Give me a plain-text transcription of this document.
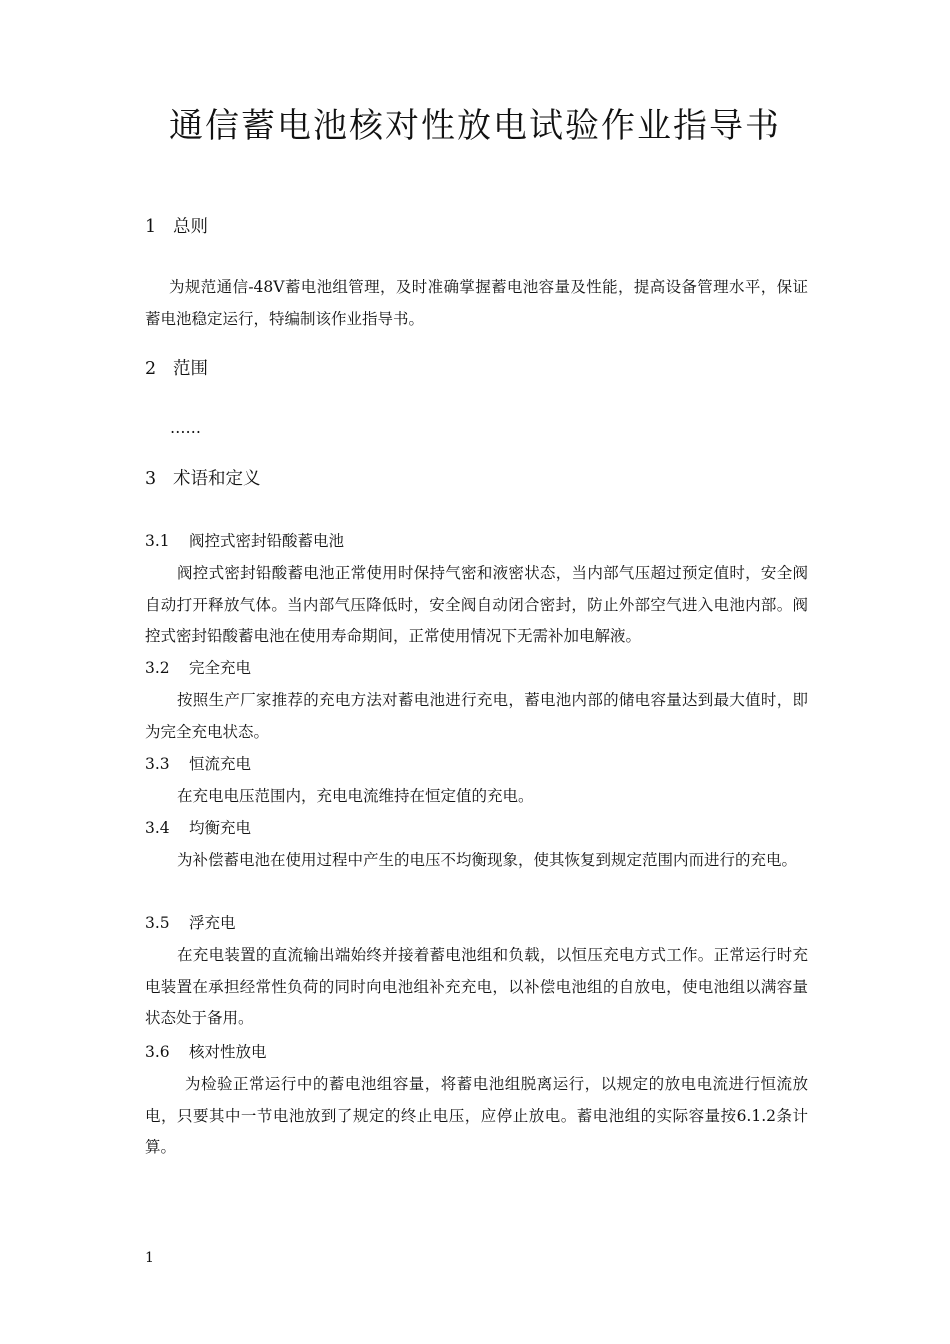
通信蓄电池核对性放电试验作业指导书
1 总则
为规范通信-48V蓄电池组管理，及时准确掌握蓄电池容量及性能，提高设备管理水平，保证蓄电池稳定运行，特编制该作业指导书。
2 范围
……
3 术语和定义
3.1 阀控式密封铅酸蓄电池
阀控式密封铅酸蓄电池正常使用时保持气密和液密状态，当内部气压超过预定值时，安全阀自动打开释放气体。当内部气压降低时，安全阀自动闭合密封，防止外部空气进入电池内部。阀控式密封铅酸蓄电池在使用寿命期间，正常使用情况下无需补加电解液。
3.2 完全充电
按照生产厂家推荐的充电方法对蓄电池进行充电，蓄电池内部的储电容量达到最大值时，即为完全充电状态。
3.3 恒流充电
在充电电压范围内，充电电流维持在恒定值的充电。
3.4 均衡充电
为补偿蓄电池在使用过程中产生的电压不均衡现象，使其恢复到规定范围内而进行的充电。
3.5 浮充电
在充电装置的直流输出端始终并接着蓄电池组和负载，以恒压充电方式工作。正常运行时充电装置在承担经常性负荷的同时向电池组补充充电，以补偿电池组的自放电，使电池组以满容量状态处于备用。
3.6 核对性放电
为检验正常运行中的蓄电池组容量，将蓄电池组脱离运行，以规定的放电电流进行恒流放电，只要其中一节电池放到了规定的终止电压，应停止放电。蓄电池组的实际容量按6.1.2条计算。
1
